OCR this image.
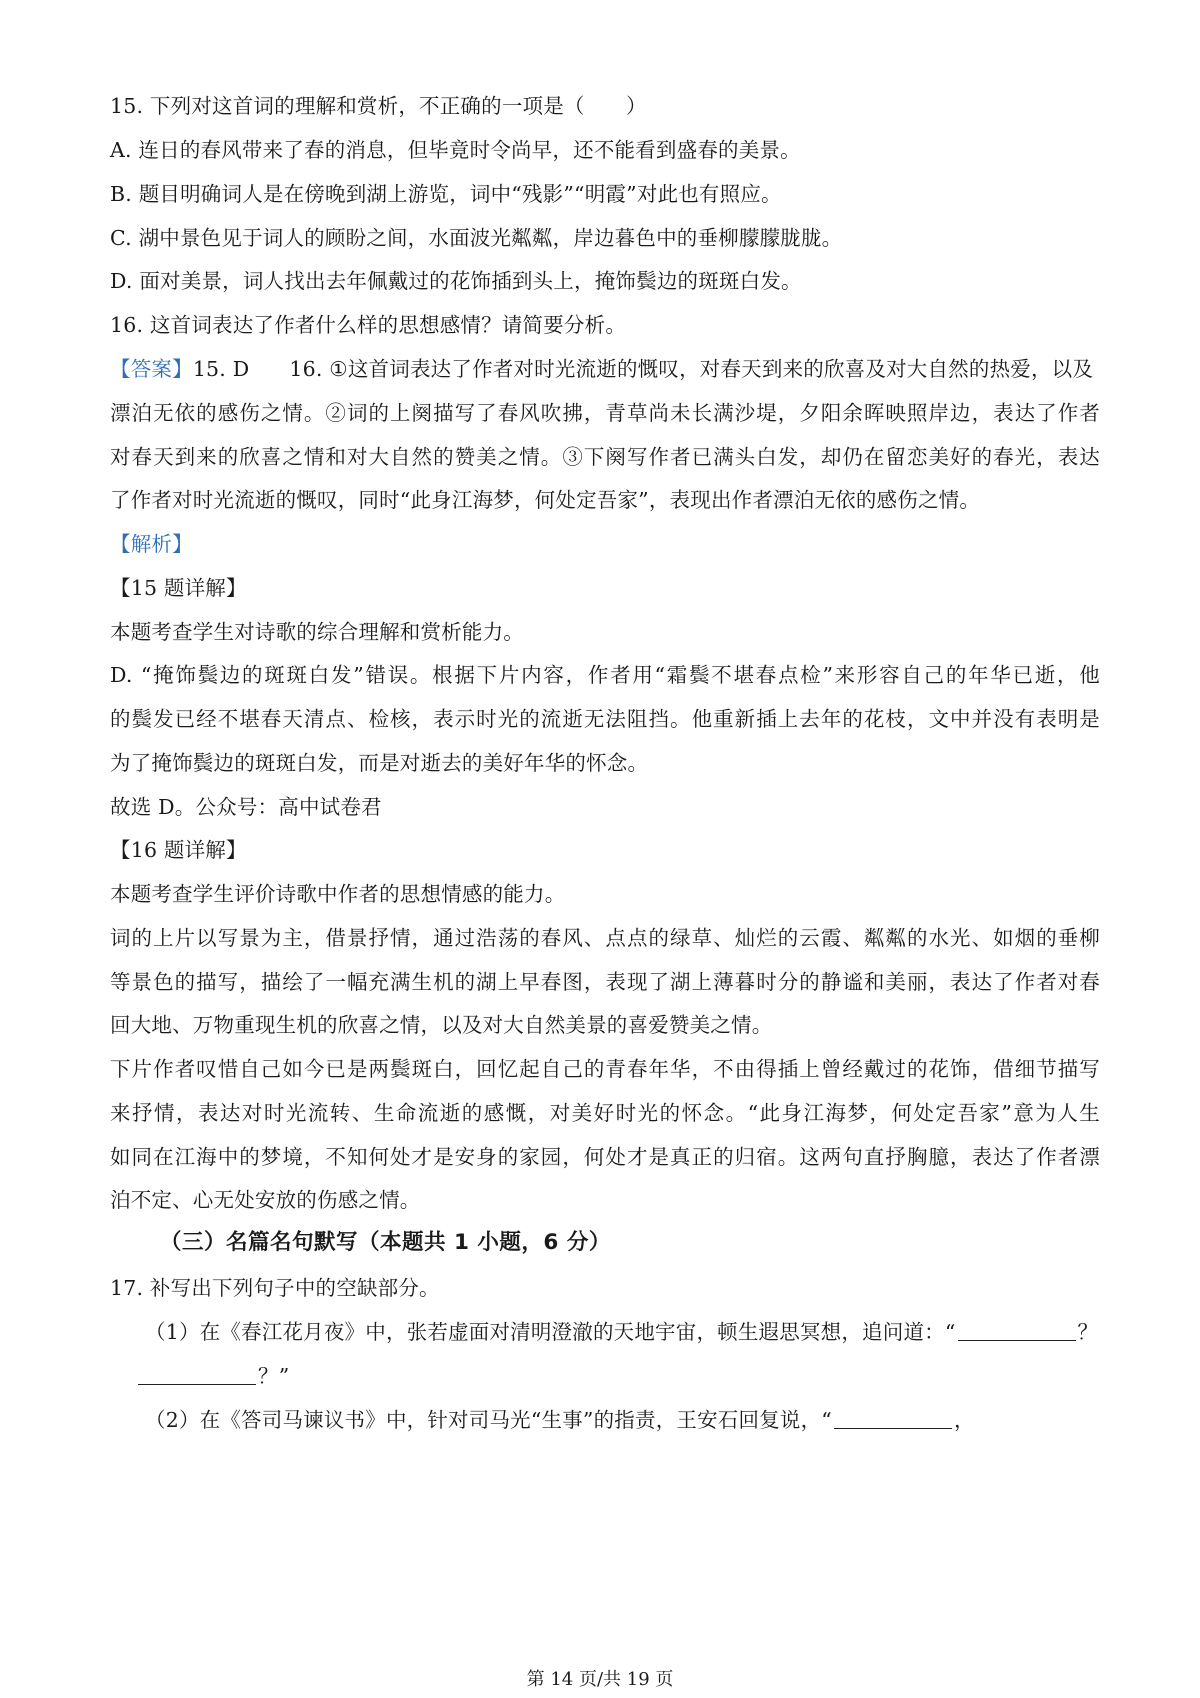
15. 下列对这首词的理解和赏析，不正确的一项是（　　）
A. 连日的春风带来了春的消息，但毕竟时令尚早，还不能看到盛春的美景。
B. 题目明确词人是在傍晚到湖上游览，词中“残影”“明霞”对此也有照应。
C. 湖中景色见于词人的顾盼之间，水面波光粼粼，岸边暮色中的垂柳朦朦胧胧。
D. 面对美景，词人找出去年佩戴过的花饰插到头上，掩饰鬓边的斑斑白发。
16. 这首词表达了作者什么样的思想感情？请简要分析。
【答案】15. D 16. ①这首词表达了作者对时光流逝的慨叹，对春天到来的欣喜及对大自然的热爱，以及
漂泊无依的感伤之情。②词的上阕描写了春风吹拂，青草尚未长满沙堤，夕阳余晖映照岸边，表达了作者
对春天到来的欣喜之情和对大自然的赞美之情。③下阕写作者已满头白发，却仍在留恋美好的春光，表达
了作者对时光流逝的慨叹，同时“此身江海梦，何处定吾家”，表现出作者漂泊无依的感伤之情。
【解析】
【15 题详解】
本题考查学生对诗歌的综合理解和赏析能力。
D. “掩饰鬓边的斑斑白发”错误。根据下片内容，作者用“霜鬓不堪春点检”来形容自己的年华已逝，他
的鬓发已经不堪春天清点、检核，表示时光的流逝无法阻挡。他重新插上去年的花枝，文中并没有表明是
为了掩饰鬓边的斑斑白发，而是对逝去的美好年华的怀念。
故选 D。公众号：高中试卷君
【16 题详解】
本题考查学生评价诗歌中作者的思想情感的能力。
词的上片以写景为主，借景抒情，通过浩荡的春风、点点的绿草、灿烂的云霞、粼粼的水光、如烟的垂柳
等景色的描写，描绘了一幅充满生机的湖上早春图，表现了湖上薄暮时分的静谧和美丽，表达了作者对春
回大地、万物重现生机的欣喜之情，以及对大自然美景的喜爱赞美之情。
下片作者叹惜自己如今已是两鬓斑白，回忆起自己的青春年华，不由得插上曾经戴过的花饰，借细节描写
来抒情，表达对时光流转、生命流逝的感慨，对美好时光的怀念。“此身江海梦，何处定吾家”意为人生
如同在江海中的梦境，不知何处才是安身的家园，何处才是真正的归宿。这两句直抒胸臆，表达了作者漂
泊不定、心无处安放的伤感之情。
（三）名篇名句默写（本题共 1 小题，6 分）
17. 补写出下列句子中的空缺部分。
（1）在《春江花月夜》中，张若虚面对清明澄澈的天地宇宙，顿生遐思冥想，追问道：“	？
？”
（2）在《答司马谏议书》中，针对司马光“生事”的指责，王安石回复说，“	，
第 14 页/共 19 页
